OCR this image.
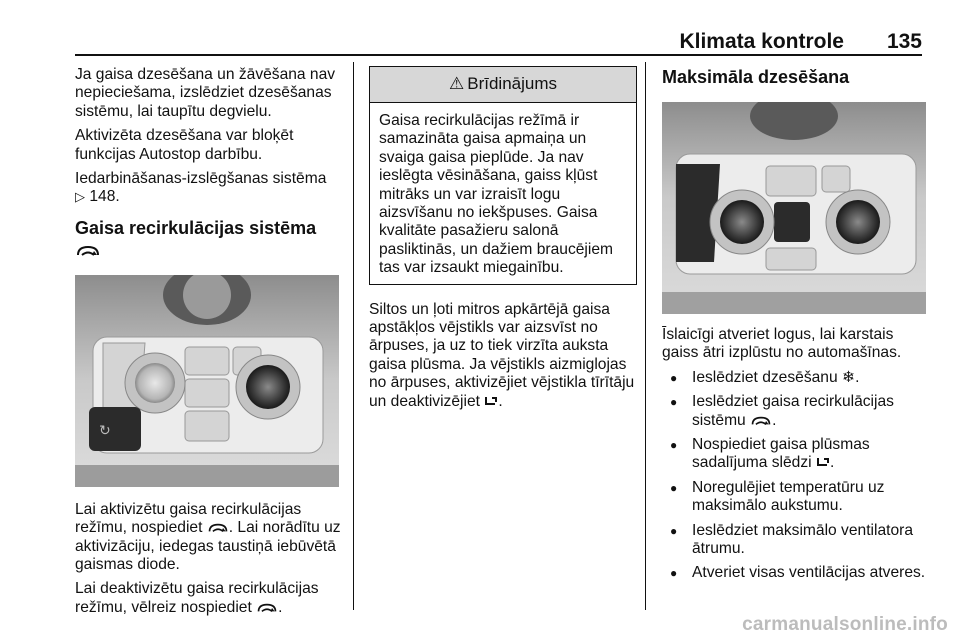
Klimata kontrole 135

Ja gaisa dzesēšana un žāvēšana nav nepieciešama, izslēdziet dzesēšanas sistēmu, lai taupītu degvielu.

Aktivizēta dzesēšana var bloķēt funkcijas Autostop darbību.

Iedarbināšanas-izslēgšanas sistēma
▷ 148.

Gaisa recirkulācijas sistēma
↻

Lai aktivizētu gaisa recirkulācijas režīmu, nospiediet . Lai norādītu uz aktivizāciju, iedegas taustiņā iebūvētā gaismas diode.

Lai deaktivizētu gaisa recirkulācijas režīmu, vēlreiz nospiediet .

⚠ Brīdinājums
Gaisa recirkulācijas režīmā ir samazināta gaisa apmaiņa un svaiga gaisa pieplūde. Ja nav ieslēgta vēsināšana, gaiss kļūst mitrāks un var izraisīt logu aizsvīšanu no iekšpuses. Gaisa kvalitāte pasažieru salonā pasliktinās, un dažiem braucējiem tas var izsaukt miegainību.

Siltos un ļoti mitros apkārtējā gaisa apstākļos vējstikls var aizsvīst no ārpuses, ja uz to tiek virzīta auksta gaisa plūsma. Ja vējstikls aizmiglojas no ārpuses, aktivizējiet vējstikla tīrītāju un deaktivizējiet .

Maksimāla dzesēšana

Īslaicīgi atveriet logus, lai karstais gaiss ātri izplūstu no automašīnas.

● Ieslēdziet dzesēšanu ❄.
● Ieslēdziet gaisa recirkulācijas sistēmu .
● Nospiediet gaisa plūsmas sadalījuma slēdzi .
● Noregulējiet temperatūru uz maksimālo aukstumu.
● Ieslēdziet maksimālo ventilatora ātrumu.
● Atveriet visas ventilācijas atveres.
carmanualsonline.info
